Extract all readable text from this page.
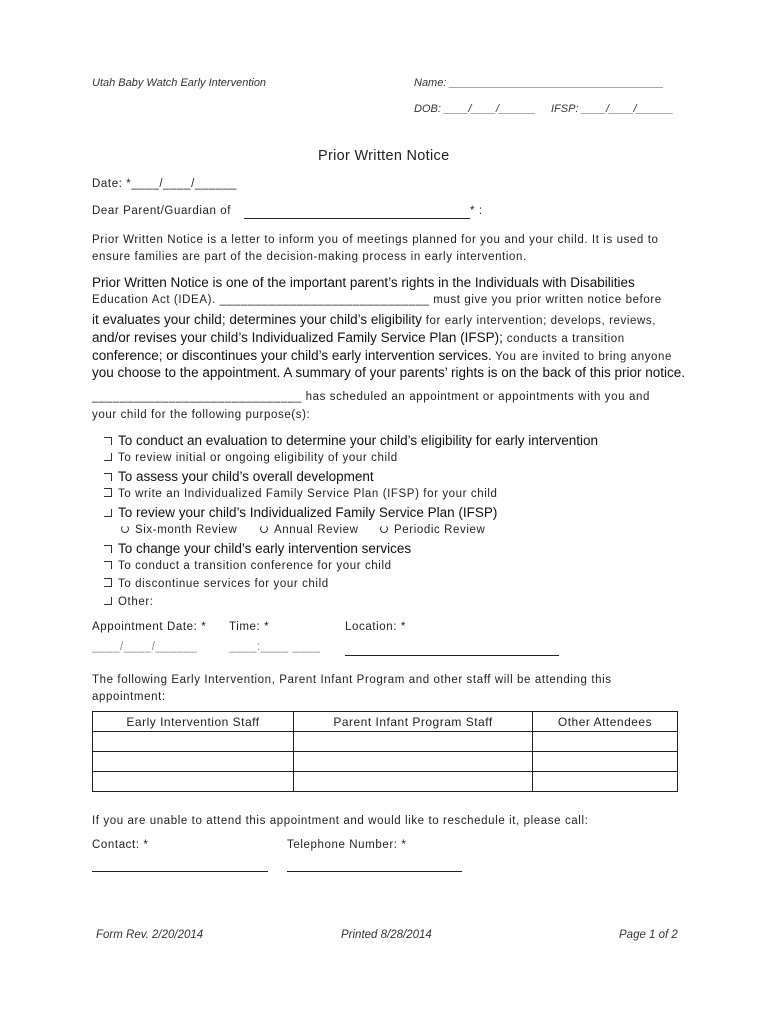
Utah Baby Watch Early Intervention	Name: ___________________________________
DOB: ____/____/______ IFSP: ____/____/______
Prior Written Notice
Date: *____/____/______
Dear Parent/Guardian of	* :
Prior Written Notice is a letter to inform you of meetings planned for you and your child. It is used to
ensure families are part of the decision-making process in early intervention.
Prior Written Notice is one of the important parent’s rights in the Individuals with Disabilities
Education Act (IDEA). ______________________________ must give you prior written notice before
it evaluates your child; determines your child’s eligibility for early intervention; develops, reviews,
and/or revises your child’s Individualized Family Service Plan (IFSP); conducts a transition
conference; or discontinues your child’s early intervention services. You are invited to bring anyone
you choose to the appointment. A summary of your parents’ rights is on the back of this prior notice.
______________________________ has scheduled an appointment or appointments with you and
your child for the following purpose(s):
To conduct an evaluation to determine your child’s eligibility for early intervention
To review initial or ongoing eligibility of your child
To assess your child’s overall development
To write an Individualized Family Service Plan (IFSP) for your child
To review your child’s Individualized Family Service Plan (IFSP)
Six-month Review	Annual Review	Periodic Review
To change your child’s early intervention services
To conduct a transition conference for your child
To discontinue services for your child
Other:
Appointment Date: * Time: *	Location: *
____/____/______	____:____ ____
The following Early Intervention, Parent Infant Program and other staff will be attending this
appointment:
Early Intervention Staff	Parent Infant Program Staff	Other Attendees

If you are unable to attend this appointment and would like to reschedule it, please call:
Contact: *	Telephone Number: *
Form Rev. 2/20/2014	Printed 8/28/2014	Page 1 of 2
